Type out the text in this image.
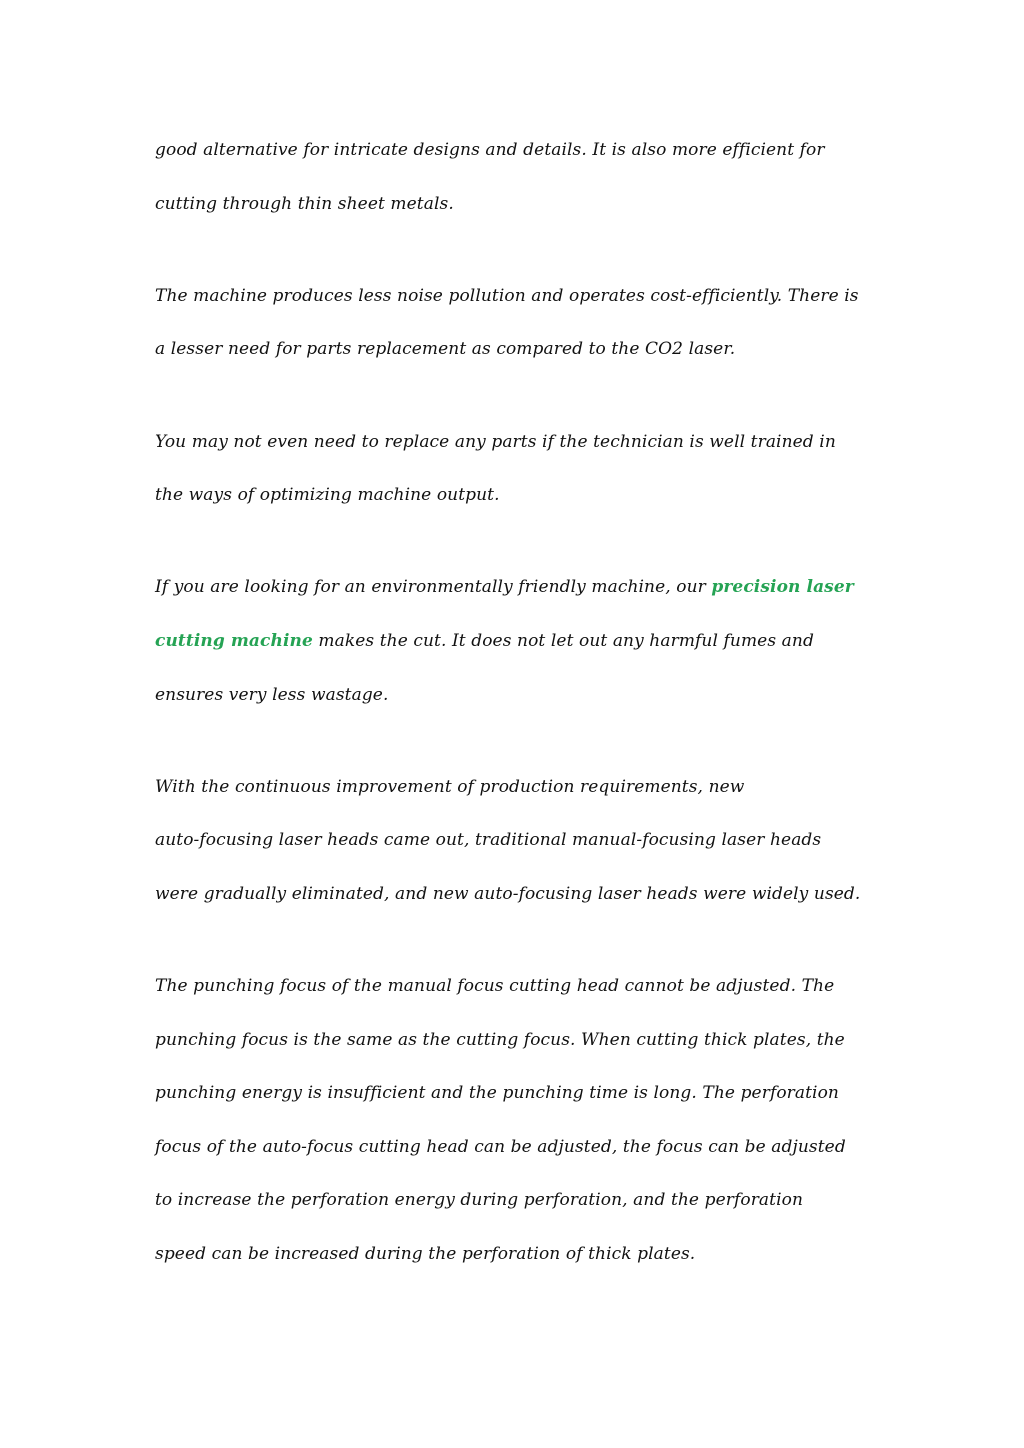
good alternative for intricate designs and details. It is also more efficient for
cutting through thin sheet metals.

The machine produces less noise pollution and operates cost-efficiently. There is
a lesser need for parts replacement as compared to the CO2 laser.

You may not even need to replace any parts if the technician is well trained in
the ways of optimizing machine output.

If you are looking for an environmentally friendly machine, our precision laser
cutting machine makes the cut. It does not let out any harmful fumes and
ensures very less wastage.

With the continuous improvement of production requirements, new
auto-focusing laser heads came out, traditional manual-focusing laser heads
were gradually eliminated, and new auto-focusing laser heads were widely used.

The punching focus of the manual focus cutting head cannot be adjusted. The
punching focus is the same as the cutting focus. When cutting thick plates, the
punching energy is insufficient and the punching time is long. The perforation
focus of the auto-focus cutting head can be adjusted, the focus can be adjusted
to increase the perforation energy during perforation, and the perforation
speed can be increased during the perforation of thick plates.
